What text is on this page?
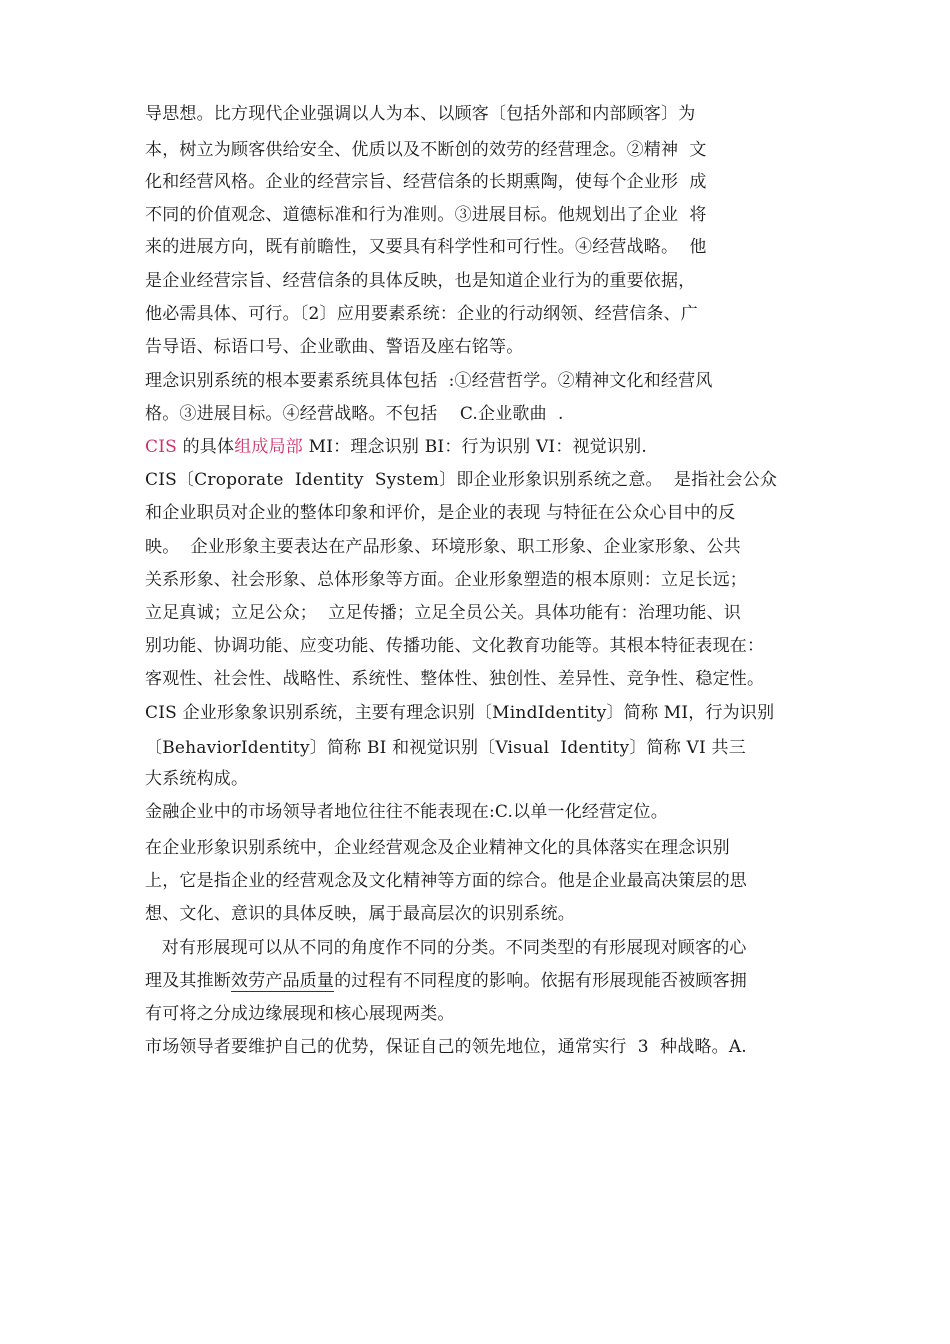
导思想。比方现代企业强调以人为本、以顾客〔包括外部和内部顾客〕为
本，树立为顾客供给安全、优质以及不断创的效劳的经营理念。②精神  文
化和经营风格。企业的经营宗旨、经营信条的长期熏陶，使每个企业形  成
不同的价值观念、道德标准和行为准则。③进展目标。他规划出了企业  将
来的进展方向，既有前瞻性，又要具有科学性和可行性。④经营战略。  他
是企业经营宗旨、经营信条的具体反映，也是知道企业行为的重要依据，
他必需具体、可行。〔2〕应用要素系统：企业的行动纲领、经营信条、广
告导语、标语口号、企业歌曲、警语及座右铭等。
理念识别系统的根本要素系统具体包括  :①经营哲学。②精神文化和经营风
格。③进展目标。④经营战略。不包括    C.企业歌曲  .
CIS 的具体组成局部 MI：理念识别 BI：行为识别 VI：视觉识别.
CIS〔Croporate  Identity  System〕即企业形象识别系统之意。  是指社会公众
和企业职员对企业的整体印象和评价，是企业的表现 与特征在公众心目中的反
映。  企业形象主要表达在产品形象、环境形象、职工形象、企业家形象、公共
关系形象、社会形象、总体形象等方面。企业形象塑造的根本原则：立足长远；
立足真诚；立足公众；  立足传播；立足全员公关。具体功能有：治理功能、识
别功能、协调功能、应变功能、传播功能、文化教育功能等。其根本特征表现在：
客观性、社会性、战略性、系统性、整体性、独创性、差异性、竞争性、稳定性。
CIS 企业形象象识别系统，主要有理念识别〔MindIdentity〕简称 MI，行为识别
〔BehaviorIdentity〕简称 BI 和视觉识别〔Visual  Identity〕简称 VI 共三
大系统构成。
金融企业中的市场领导者地位往往不能表现在:C.以单一化经营定位。
在企业形象识别系统中，企业经营观念及企业精神文化的具体落实在理念识别
上，它是指企业的经营观念及文化精神等方面的综合。他是企业最高决策层的思
想、文化、意识的具体反映，属于最高层次的识别系统。
对有形展现可以从不同的角度作不同的分类。不同类型的有形展现对顾客的心
理及其推断效劳产品质量的过程有不同程度的影响。依据有形展现能否被顾客拥
有可将之分成边缘展现和核心展现两类。
市场领导者要维护自己的优势，保证自己的领先地位，通常实行  3  种战略。A.
